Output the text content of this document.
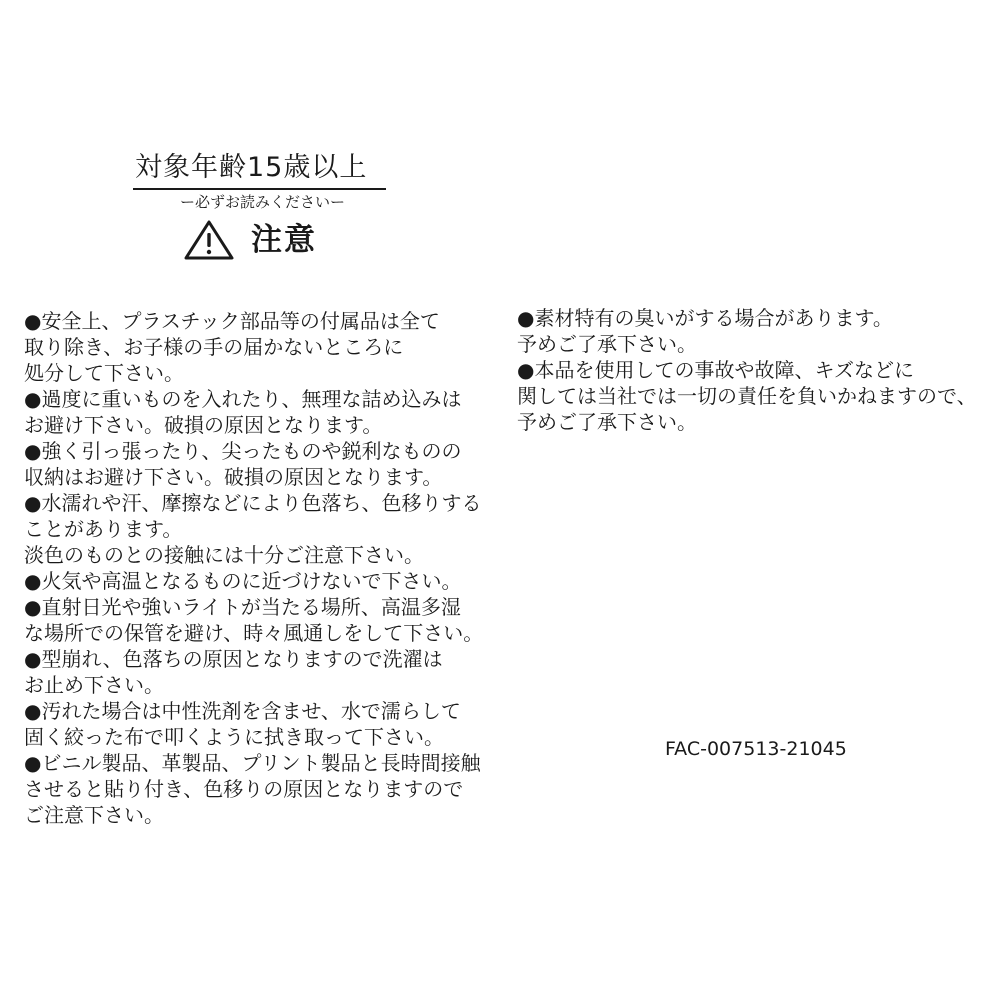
対象年齢15歳以上
ー必ずお読みくださいー
注意
●安全上、プラスチック部品等の付属品は全て
取り除き、お子様の手の届かないところに
処分して下さい。
●過度に重いものを入れたり、無理な詰め込みは
お避け下さい。破損の原因となります。
●強く引っ張ったり、尖ったものや鋭利なものの
収納はお避け下さい。破損の原因となります。
●水濡れや汗、摩擦などにより色落ち、色移りする
ことがあります。
淡色のものとの接触には十分ご注意下さい。
●火気や高温となるものに近づけないで下さい。
●直射日光や強いライトが当たる場所、高温多湿
な場所での保管を避け、時々風通しをして下さい。
●型崩れ、色落ちの原因となりますので洗濯は
お止め下さい。
●汚れた場合は中性洗剤を含ませ、水で濡らして
固く絞った布で叩くように拭き取って下さい。
●ビニル製品、革製品、プリント製品と長時間接触
させると貼り付き、色移りの原因となりますので
ご注意下さい。
●素材特有の臭いがする場合があります。
予めご了承下さい。
●本品を使用しての事故や故障、キズなどに
関しては当社では一切の責任を負いかねますので、
予めご了承下さい。
FAC-007513-21045
